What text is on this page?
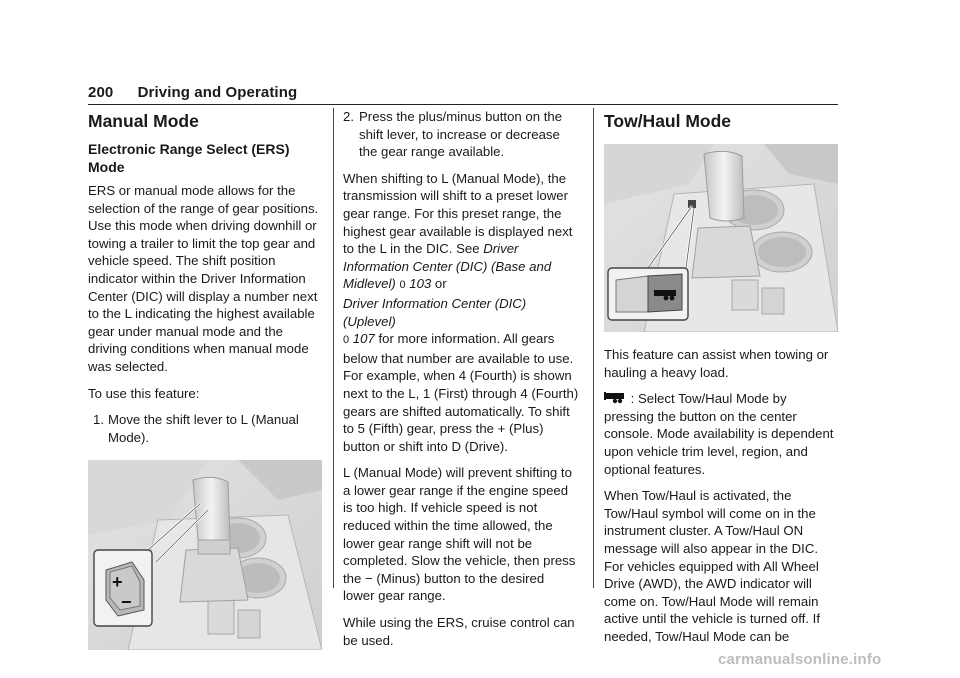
200 Driving and Operating
Manual Mode
Electronic Range Select (ERS) Mode

ERS or manual mode allows for the selection of the range of gear positions. Use this mode when driving downhill or towing a trailer to limit the top gear and vehicle speed. The shift position indicator within the Driver Information Center (DIC) will display a number next to the L indicating the highest available gear under manual mode and the driving conditions when manual mode was selected.

To use this feature:

1. Move the shift lever to L (Manual Mode).
+
−
2. Press the plus/minus button on the shift lever, to increase or decrease the gear range available.

When shifting to L (Manual Mode), the transmission will shift to a preset lower gear range. For this preset range, the highest gear available is displayed next to the L in the DIC. See Driver Information Center (DIC) (Base and Midlevel) 0 103 or
Driver Information Center (DIC) (Uplevel)
0 107 for more information. All gears below that number are available to use. For example, when 4 (Fourth) is shown next to the L, 1 (First) through 4 (Fourth) gears are shifted automatically. To shift to 5 (Fifth) gear, press the + (Plus) button or shift into D (Drive).

L (Manual Mode) will prevent shifting to a lower gear range if the engine speed is too high. If vehicle speed is not reduced within the time allowed, the lower gear range shift will not be completed. Slow the vehicle, then press the − (Minus) button to the desired lower gear range.

While using the ERS, cruise control can be used.

Tow/Haul Mode

This feature can assist when towing or hauling a heavy load.

: Select Tow/Haul Mode by pressing the button on the center console. Mode availability is dependent upon vehicle trim level, region, and optional features.

When Tow/Haul is activated, the Tow/Haul symbol will come on in the instrument cluster. A Tow/Haul ON message will also appear in the DIC. For vehicles equipped with All Wheel Drive (AWD), the AWD indicator will come on. Tow/Haul Mode will remain active until the vehicle is turned off. If needed, Tow/Haul Mode can be

carmanualsonline.info
